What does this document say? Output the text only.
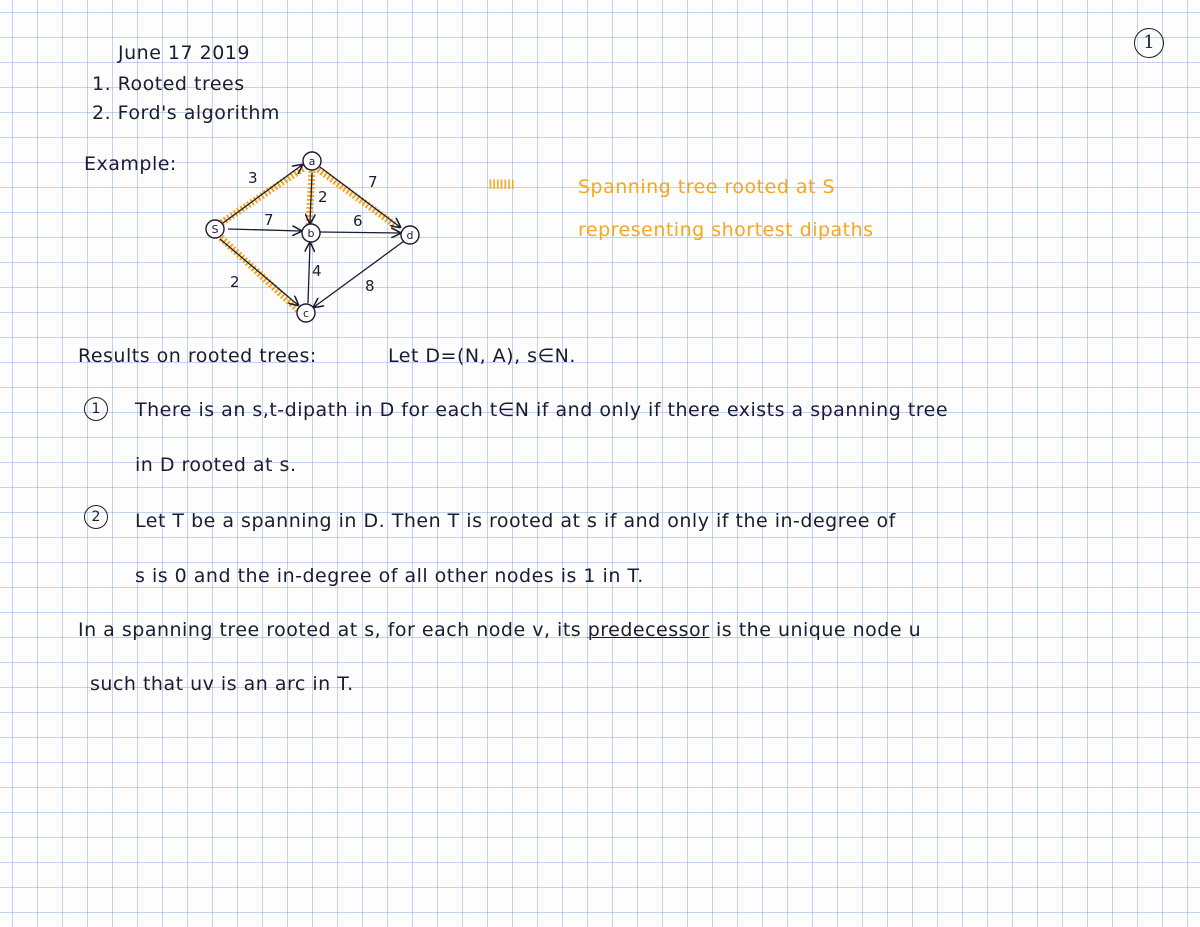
1
June 17 2019
1. Rooted trees
2. Ford's algorithm
Example:
S
a
b
c
d
3
2
7
7
6
2
4
8
ııııııı	Spanning tree rooted at S
representing shortest dipaths
Results on rooted trees:	Let D=(N, A), s∈N.
1	There is an s,t-dipath in D for each t∈N if and only if there exists a spanning tree
in D rooted at s.
2	Let T be a spanning in D. Then T is rooted at s if and only if the in-degree of
s is 0 and the in-degree of all other nodes is 1 in T.
In a spanning tree rooted at s, for each node v, its predecessor is the unique node u
such that uv is an arc in T.
